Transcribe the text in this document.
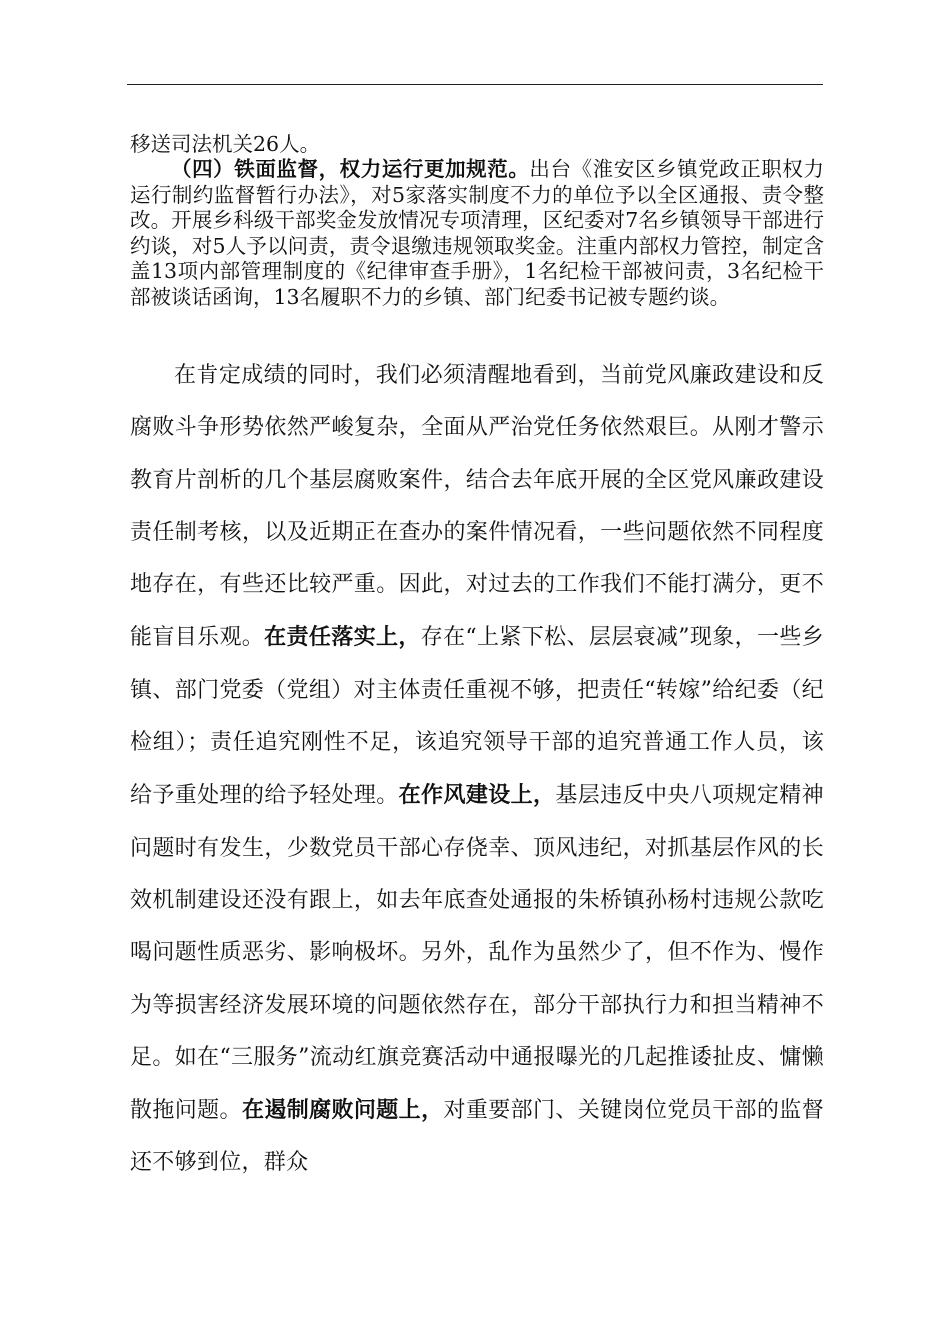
移送司法机关26人。

（四）铁面监督，权力运行更加规范。出台《淮安区乡镇党政正职权力运行制约监督暂行办法》，对5家落实制度不力的单位予以全区通报、责令整改。开展乡科级干部奖金发放情况专项清理，区纪委对7名乡镇领导干部进行约谈，对5人予以问责，责令退缴违规领取奖金。注重内部权力管控，制定含盖13项内部管理制度的《纪律审查手册》，1名纪检干部被问责，3名纪检干部被谈话函询，13名履职不力的乡镇、部门纪委书记被专题约谈。

在肯定成绩的同时，我们必须清醒地看到，当前党风廉政建设和反腐败斗争形势依然严峻复杂，全面从严治党任务依然艰巨。从刚才警示教育片剖析的几个基层腐败案件，结合去年底开展的全区党风廉政建设责任制考核，以及近期正在查办的案件情况看，一些问题依然不同程度地存在，有些还比较严重。因此，对过去的工作我们不能打满分，更不能盲目乐观。在责任落实上，存在“上紧下松、层层衰减”现象，一些乡镇、部门党委（党组）对主体责任重视不够，把责任“转嫁”给纪委（纪检组）；责任追究刚性不足，该追究领导干部的追究普通工作人员，该给予重处理的给予轻处理。在作风建设上，基层违反中央八项规定精神问题时有发生，少数党员干部心存侥幸、顶风违纪，对抓基层作风的长效机制建设还没有跟上，如去年底查处通报的朱桥镇孙杨村违规公款吃喝问题性质恶劣、影响极坏。另外，乱作为虽然少了，但不作为、慢作为等损害经济发展环境的问题依然存在，部分干部执行力和担当精神不足。如在“三服务”流动红旗竞赛活动中通报曝光的几起推诿扯皮、慵懒散拖问题。在遏制腐败问题上，对重要部门、关键岗位党员干部的监督还不够到位，群众
